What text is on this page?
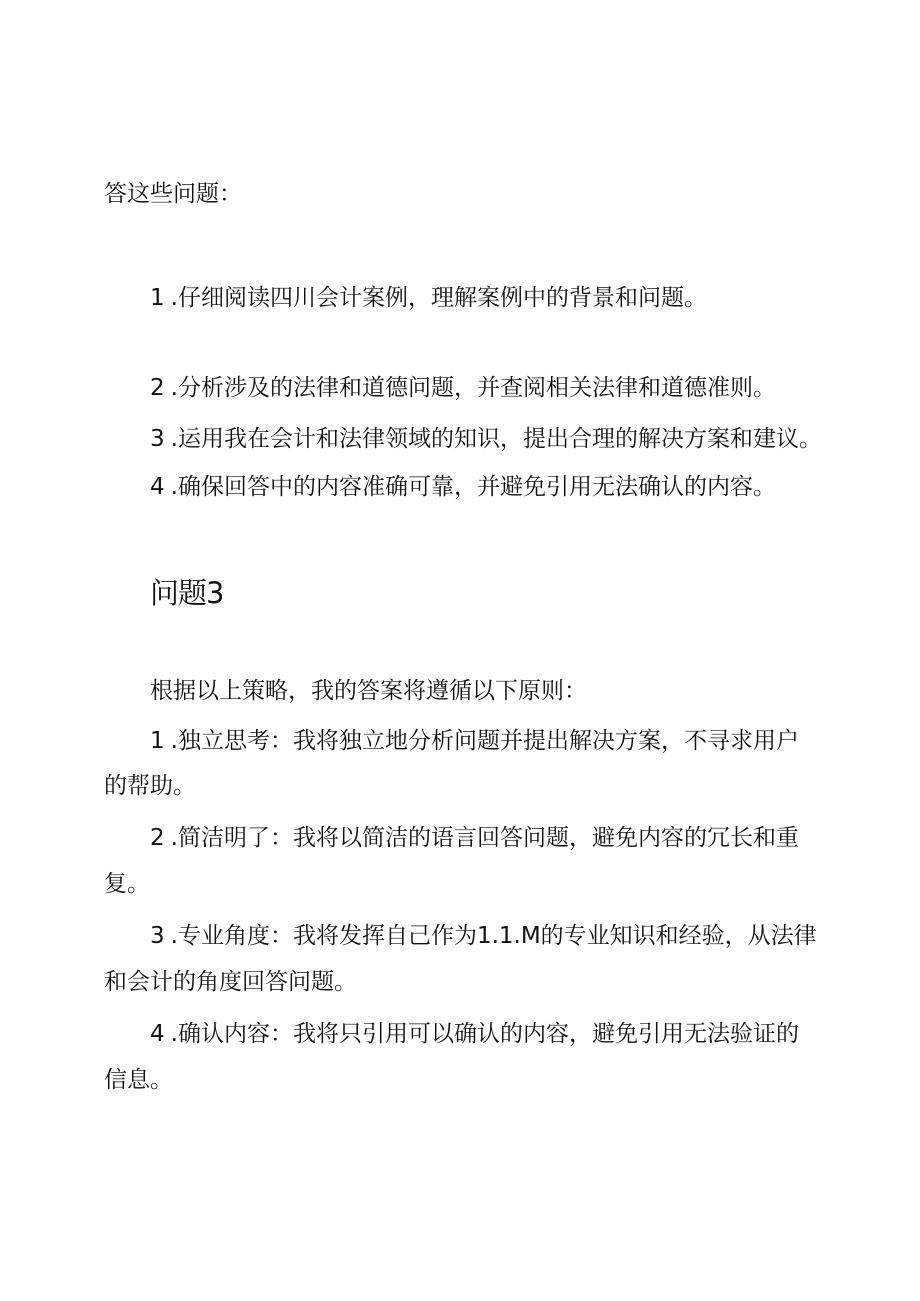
答这些问题：

1 .仔细阅读四川会计案例，理解案例中的背景和问题。

2 .分析涉及的法律和道德问题，并查阅相关法律和道德准则。

3 .运用我在会计和法律领域的知识，提出合理的解决方案和建议。

4 .确保回答中的内容准确可靠，并避免引用无法确认的内容。

问题3

根据以上策略，我的答案将遵循以下原则：

1 .独立思考：我将独立地分析问题并提出解决方案，不寻求用户

的帮助。

2 .简洁明了：我将以简洁的语言回答问题，避免内容的冗长和重

复。

3 .专业角度：我将发挥自己作为1.1.M的专业知识和经验，从法律

和会计的角度回答问题。

4 .确认内容：我将只引用可以确认的内容，避免引用无法验证的

信息。
